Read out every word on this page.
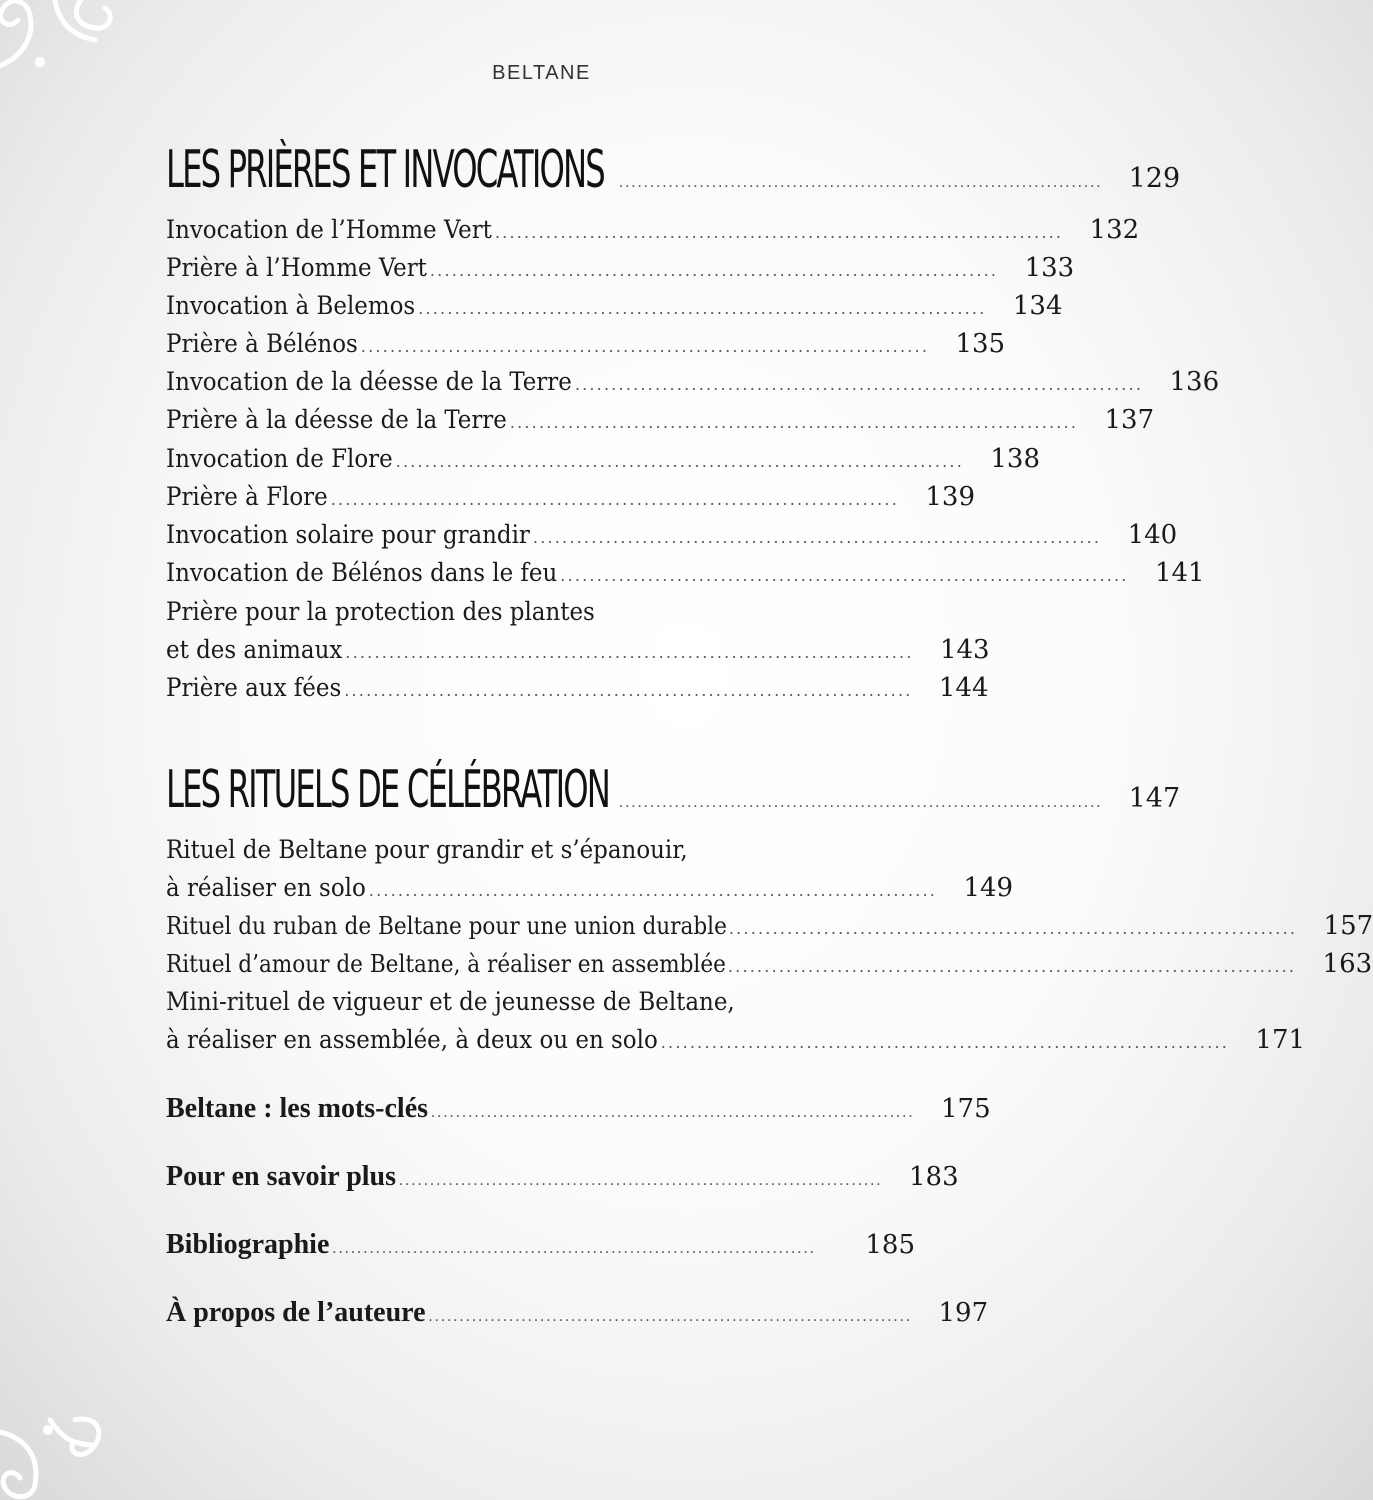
BELTANE
LES PRIÈRES ET INVOCATIONS .............................................................................. 129
Invocation de l’Homme Vert .............................................................................. 132
Prière à l’Homme Vert .............................................................................. 133
Invocation à Belemos .............................................................................. 134
Prière à Bélénos .............................................................................. 135
Invocation de la déesse de la Terre .............................................................................. 136
Prière à la déesse de la Terre .............................................................................. 137
Invocation de Flore .............................................................................. 138
Prière à Flore .............................................................................. 139
Invocation solaire pour grandir .............................................................................. 140
Invocation de Bélénos dans le feu .............................................................................. 141
Prière pour la protection des plantes
et des animaux .............................................................................. 143
Prière aux fées .............................................................................. 144
LES RITUELS DE CÉLÉBRATION .............................................................................. 147
Rituel de Beltane pour grandir et s’épanouir,
à réaliser en solo .............................................................................. 149
Rituel du ruban de Beltane pour une union durable .............................................................................. 157
Rituel d’amour de Beltane, à réaliser en assemblée .............................................................................. 163
Mini-rituel de vigueur et de jeunesse de Beltane,
à réaliser en assemblée, à deux ou en solo .............................................................................. 171
Beltane : les mots-clés .............................................................................. 175
Pour en savoir plus .............................................................................. 183
Bibliographie ..............................................................................	185
À propos de l’auteure .............................................................................. 197
